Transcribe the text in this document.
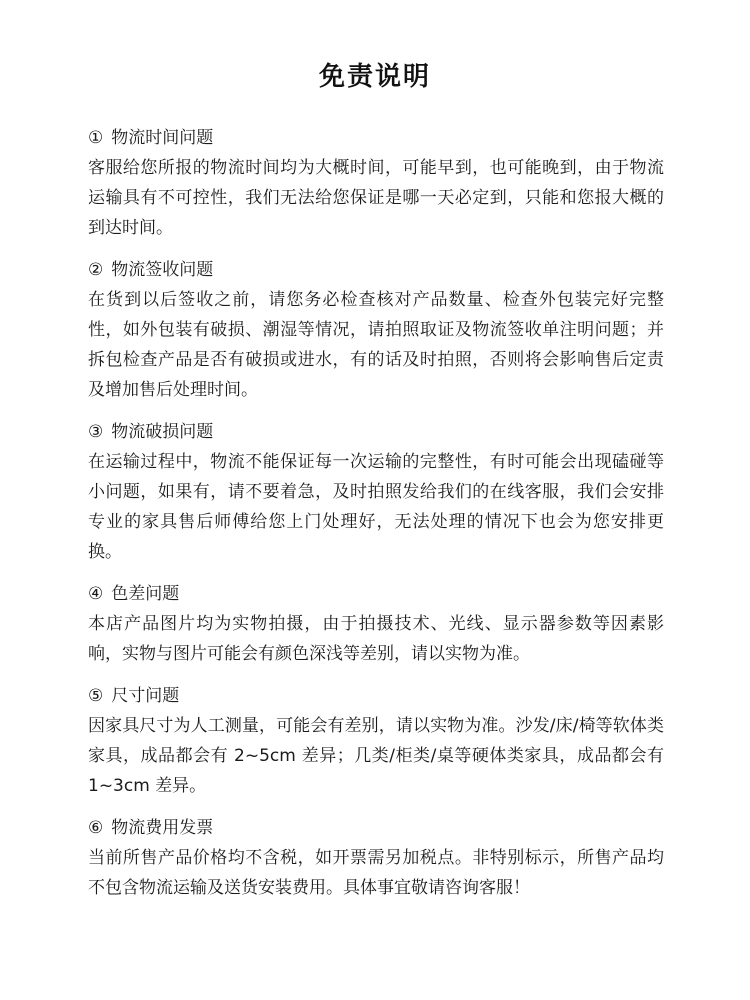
免责说明
① 物流时间问题
客服给您所报的物流时间均为大概时间，可能早到，也可能晚到，由于物流运输具有不可控性，我们无法给您保证是哪一天必定到，只能和您报大概的到达时间。
② 物流签收问题
在货到以后签收之前，请您务必检查核对产品数量、检查外包装完好完整性，如外包装有破损、潮湿等情况，请拍照取证及物流签收单注明问题；并拆包检查产品是否有破损或进水，有的话及时拍照，否则将会影响售后定责及增加售后处理时间。
③ 物流破损问题
在运输过程中，物流不能保证每一次运输的完整性，有时可能会出现磕碰等小问题，如果有，请不要着急，及时拍照发给我们的在线客服，我们会安排专业的家具售后师傅给您上门处理好，无法处理的情况下也会为您安排更换。
④ 色差问题
本店产品图片均为实物拍摄，由于拍摄技术、光线、显示器参数等因素影响，实物与图片可能会有颜色深浅等差别，请以实物为准。
⑤ 尺寸问题
因家具尺寸为人工测量，可能会有差别，请以实物为准。沙发/床/椅等软体类家具，成品都会有 2~5cm 差异；几类/柜类/桌等硬体类家具，成品都会有 1~3cm 差异。
⑥ 物流费用发票
当前所售产品价格均不含税，如开票需另加税点。非特别标示，所售产品均不包含物流运输及送货安装费用。具体事宜敬请咨询客服！
